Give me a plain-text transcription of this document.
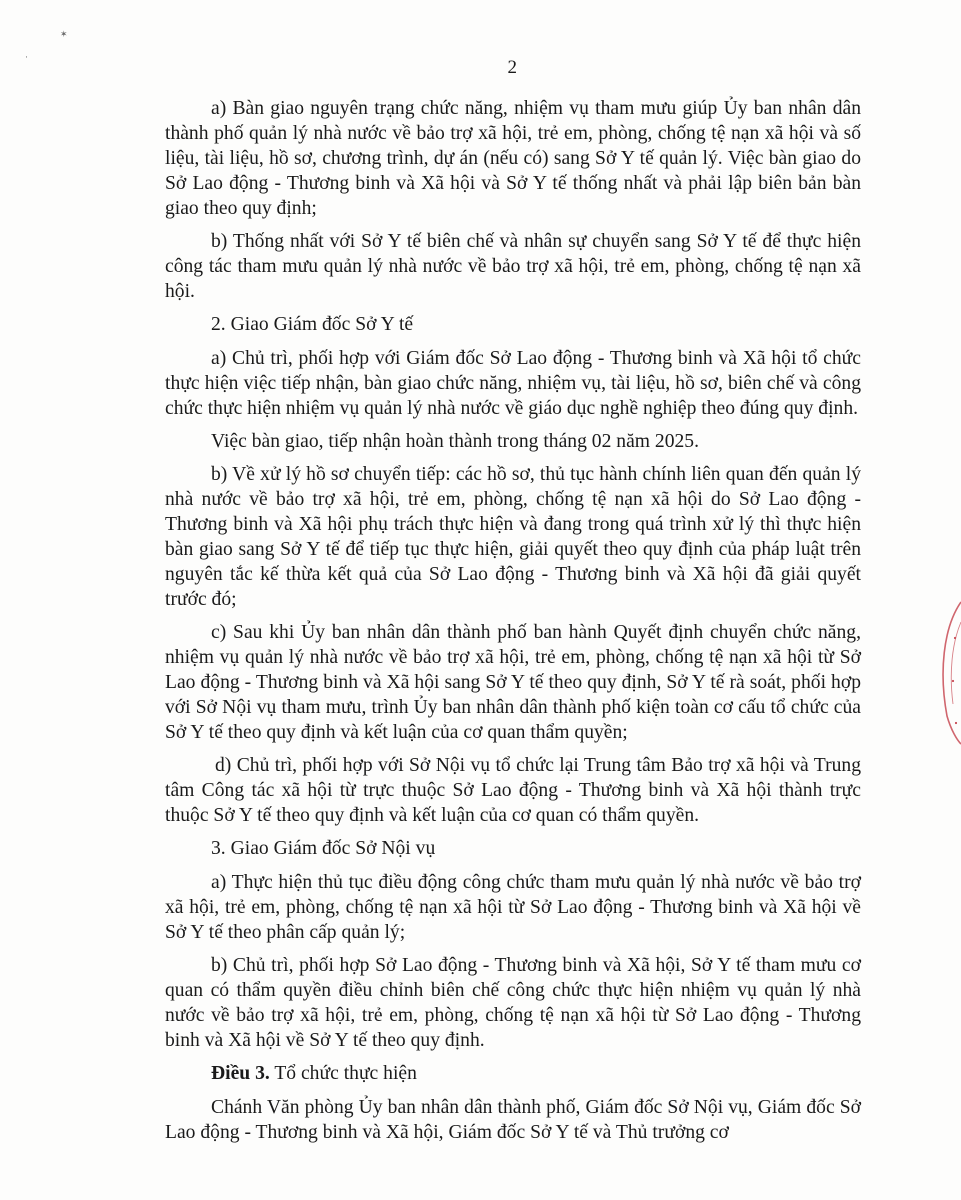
✶
·	2

a) Bàn giao nguyên trạng chức năng, nhiệm vụ tham mưu giúp Ủy ban nhân dân thành phố quản lý nhà nước về bảo trợ xã hội, trẻ em, phòng, chống tệ nạn xã hội và số liệu, tài liệu, hồ sơ, chương trình, dự án (nếu có) sang Sở Y tế quản lý. Việc bàn giao do Sở Lao động - Thương binh và Xã hội và Sở Y tế thống nhất và phải lập biên bản bàn giao theo quy định;

b) Thống nhất với Sở Y tế biên chế và nhân sự chuyển sang Sở Y tế để thực hiện công tác tham mưu quản lý nhà nước về bảo trợ xã hội, trẻ em, phòng, chống tệ nạn xã hội.

2. Giao Giám đốc Sở Y tế

a) Chủ trì, phối hợp với Giám đốc Sở Lao động - Thương binh và Xã hội tổ chức thực hiện việc tiếp nhận, bàn giao chức năng, nhiệm vụ, tài liệu, hồ sơ, biên chế và công chức thực hiện nhiệm vụ quản lý nhà nước về giáo dục nghề nghiệp theo đúng quy định.

Việc bàn giao, tiếp nhận hoàn thành trong tháng 02 năm 2025.

b) Về xử lý hồ sơ chuyển tiếp: các hồ sơ, thủ tục hành chính liên quan đến quản lý nhà nước về bảo trợ xã hội, trẻ em, phòng, chống tệ nạn xã hội do Sở Lao động - Thương binh và Xã hội phụ trách thực hiện và đang trong quá trình xử lý thì thực hiện bàn giao sang Sở Y tế để tiếp tục thực hiện, giải quyết theo quy định của pháp luật trên nguyên tắc kế thừa kết quả của Sở Lao động - Thương binh và Xã hội đã giải quyết trước đó;

c) Sau khi Ủy ban nhân dân thành phố ban hành Quyết định chuyển chức năng, nhiệm vụ quản lý nhà nước về bảo trợ xã hội, trẻ em, phòng, chống tệ nạn xã hội từ Sở Lao động - Thương binh và Xã hội sang Sở Y tế theo quy định, Sở Y tế rà soát, phối hợp với Sở Nội vụ tham mưu, trình Ủy ban nhân dân thành phố kiện toàn cơ cấu tổ chức của Sở Y tế theo quy định và kết luận của cơ quan thẩm quyền;

d) Chủ trì, phối hợp với Sở Nội vụ tổ chức lại Trung tâm Bảo trợ xã hội và Trung tâm Công tác xã hội từ trực thuộc Sở Lao động - Thương binh và Xã hội thành trực thuộc Sở Y tế theo quy định và kết luận của cơ quan có thẩm quyền.

3. Giao Giám đốc Sở Nội vụ

a) Thực hiện thủ tục điều động công chức tham mưu quản lý nhà nước về bảo trợ xã hội, trẻ em, phòng, chống tệ nạn xã hội từ Sở Lao động - Thương binh và Xã hội về Sở Y tế theo phân cấp quản lý;

b) Chủ trì, phối hợp Sở Lao động - Thương binh và Xã hội, Sở Y tế tham mưu cơ quan có thẩm quyền điều chỉnh biên chế công chức thực hiện nhiệm vụ quản lý nhà nước về bảo trợ xã hội, trẻ em, phòng, chống tệ nạn xã hội từ Sở Lao động - Thương binh và Xã hội về Sở Y tế theo quy định.

Điều 3. Tổ chức thực hiện

Chánh Văn phòng Ủy ban nhân dân thành phố, Giám đốc Sở Nội vụ, Giám đốc Sở Lao động - Thương binh và Xã hội, Giám đốc Sở Y tế và Thủ trưởng cơ
